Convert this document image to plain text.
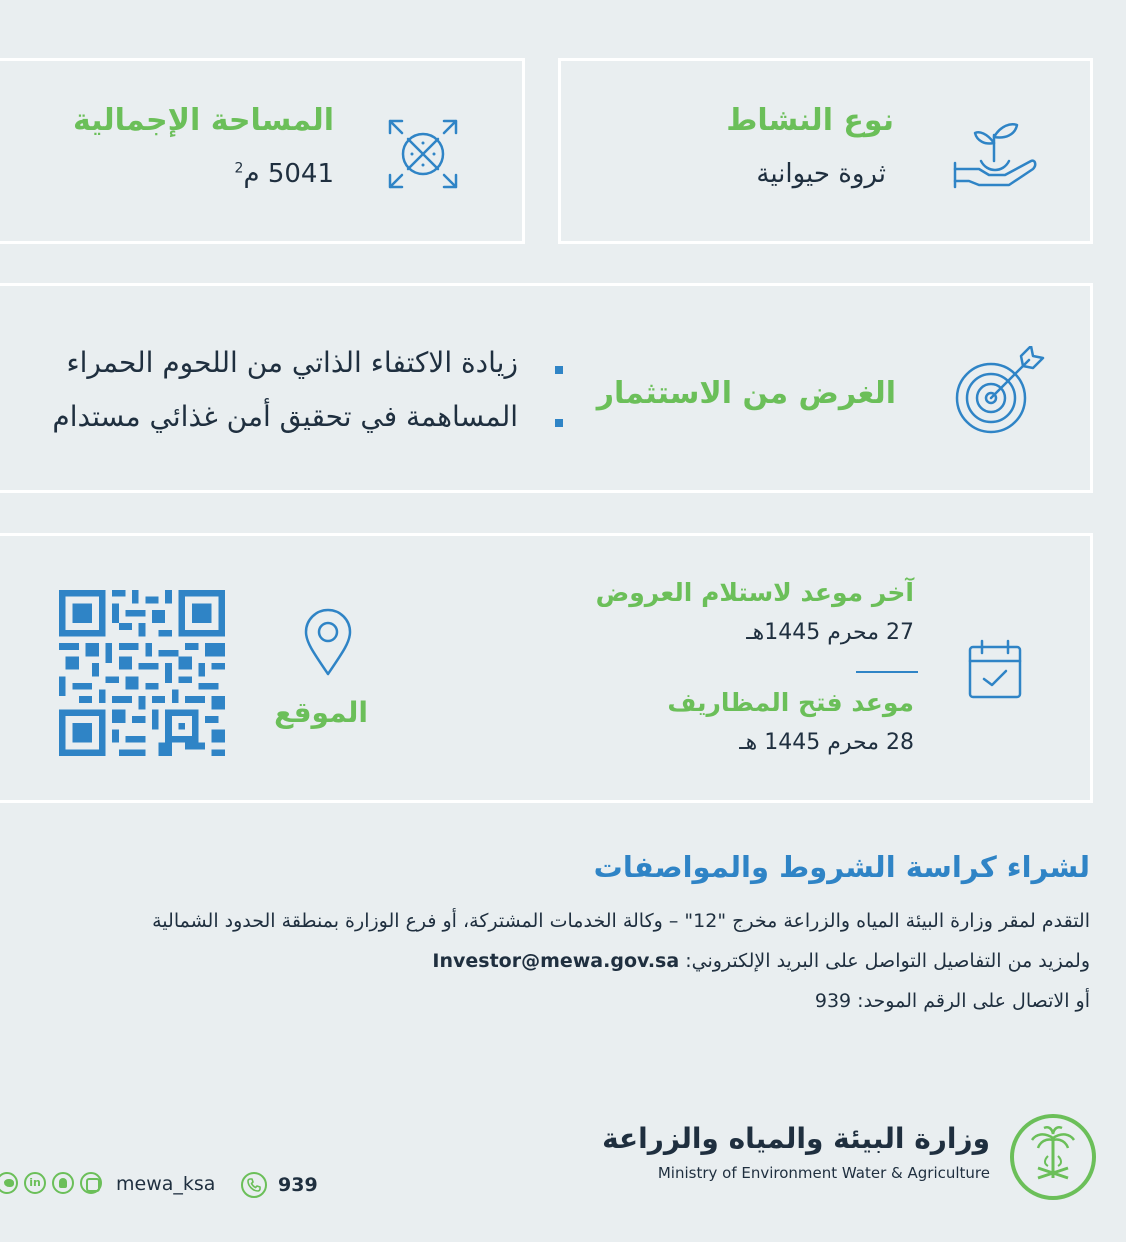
نوع النشاط
ثروة حيوانية
المساحة الإجمالية
5041 م$^2$
الغرض من الاستثمار
زيادة الاكتفاء الذاتي من اللحوم الحمراء
المساهمة في تحقيق أمن غذائي مستدام
آخر موعد لاستلام العروض
27 محرم 1445هـ
موعد فتح المظاريف
28 محرم 1445 هـ
الموقع
لشراء كراسة الشروط والمواصفات
التقدم لمقر وزارة البيئة المياه والزراعة مخرج "12" – وكالة الخدمات المشتركة، أو فرع الوزارة بمنطقة الحدود الشمالية
ولمزيد من التفاصيل التواصل على البريد الإلكتروني: Investor@mewa.gov.sa
أو الاتصال على الرقم الموحد: 939
وزارة البيئة والمياه والزراعة
Ministry of Environment Water & Agriculture
939
mewa_ksa
in
